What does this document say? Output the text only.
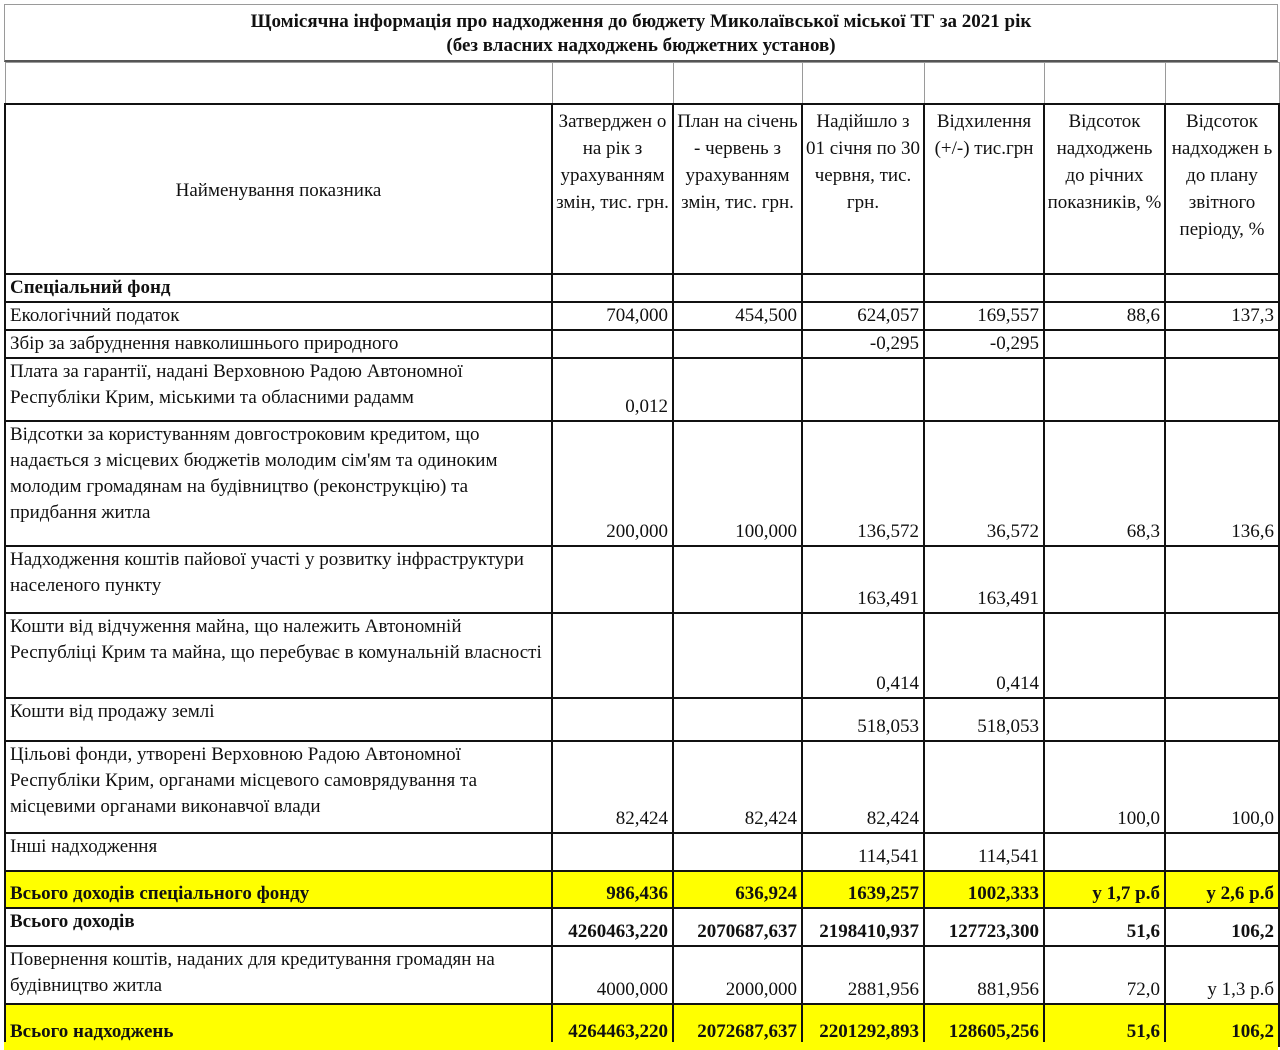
Щомісячна інформація про надходження до бюджету Миколаївської міської ТГ за 2021 рік
(без власних надходжень бюджетних установ)

Найменування показника	Затверджен о на рік з урахуванням змін, тис. грн.	План на січень - червень з урахуванням змін, тис. грн.	Надійшло з 01 січня по 30 червня, тис. грн.	Відхилення (+/-) тис.грн	Відсоток надходжень до річних показників, %	Відсоток надходжен ь до плану звітного періоду, %
Спеціальний фонд						
Екологічний податок	704,000	454,500	624,057	169,557	88,6	137,3
Збір за забруднення навколишнього природного			-0,295	-0,295		
Плата за гарантії, надані Верховною Радою Автономної Республіки Крим, міськими та обласними радамм	0,012					
Відсотки за користуванням довгостроковим кредитом, що надається з місцевих бюджетів молодим сім'ям та одиноким молодим громадянам на будівництво (реконструкцію) та придбання житла	200,000	100,000	136,572	36,572	68,3	136,6
Надходження коштів пайової участі у розвитку інфраструктури населеного пункту			163,491	163,491		
Кошти від відчуження майна, що належить Автономній Республіці Крим та майна, що перебуває в комунальній власності			0,414	0,414		
Кошти від продажу землі			518,053	518,053		
Цільові фонди, утворені Верховною Радою Автономної Республіки Крим, органами місцевого самоврядування та місцевими органами виконавчої влади	82,424	82,424	82,424		100,0	100,0
Інші надходження			114,541	114,541		
Всього доходів спеціального фонду	986,436	636,924	1639,257	1002,333	у 1,7 р.б	у 2,6 р.б
Всього доходів	4260463,220	2070687,637	2198410,937	127723,300	51,6	106,2
Повернення коштів, наданих для кредитування громадян на будівництво житла	4000,000	2000,000	2881,956	881,956	72,0	у 1,3 р.б
Всього надходжень	4264463,220	2072687,637	2201292,893	128605,256	51,6	106,2
